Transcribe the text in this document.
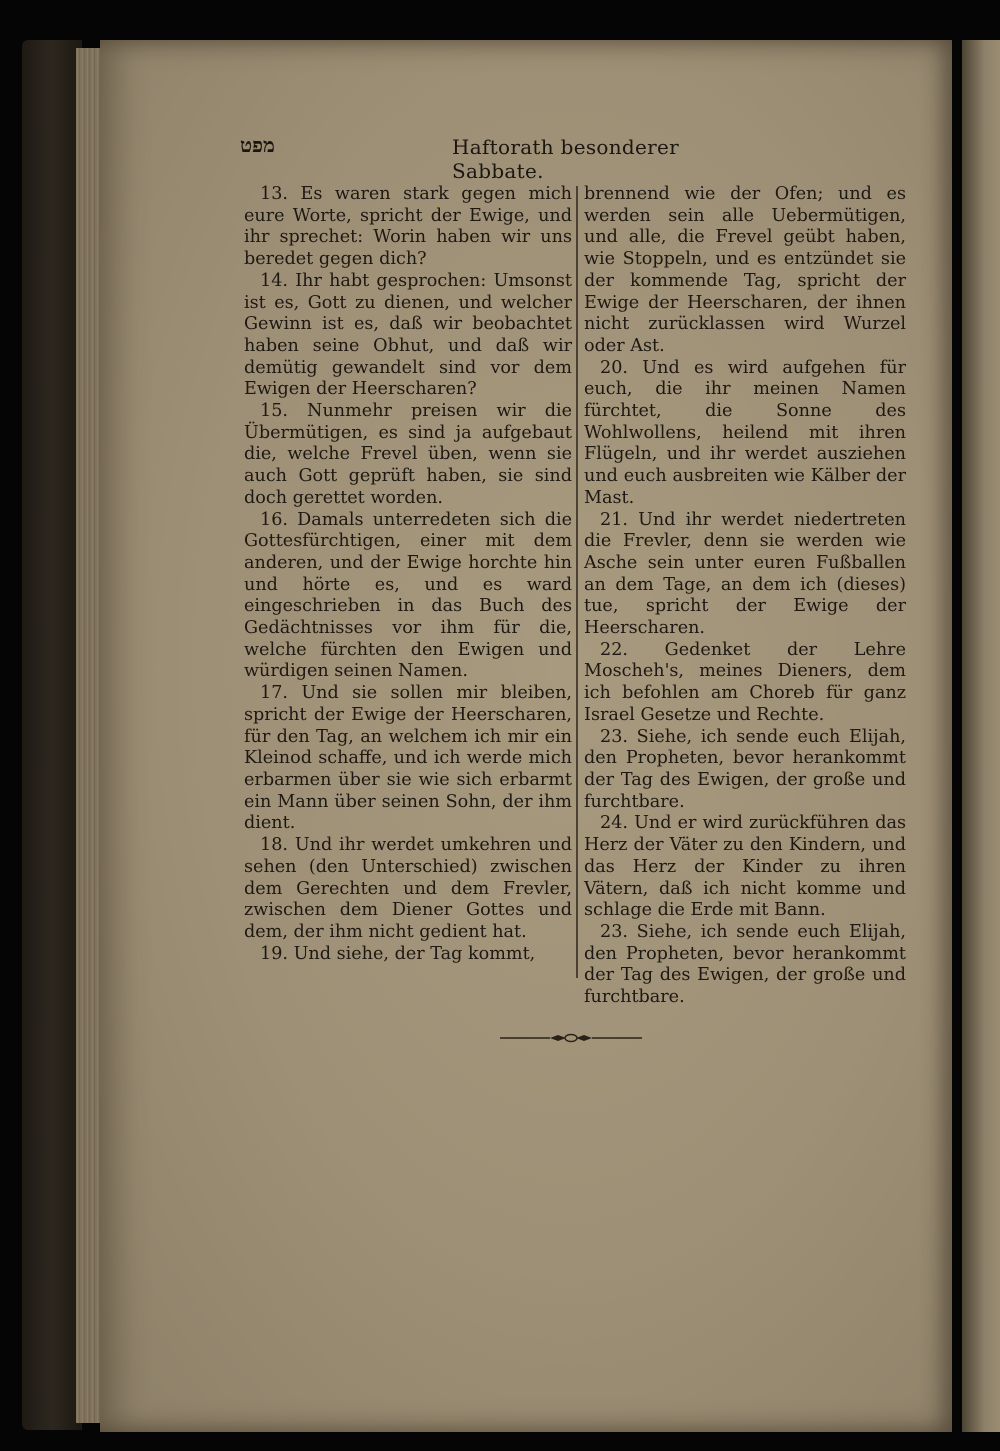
מפט	Haftorath besonderer Sabbate.

13. Es waren stark gegen mich eure Worte, spricht der Ewige, und ihr sprechet: Worin haben wir uns beredet gegen dich?

14. Ihr habt gesprochen: Umsonst ist es, Gott zu dienen, und welcher Gewinn ist es, daß wir beobachtet haben seine Obhut, und daß wir demütig gewandelt sind vor dem Ewigen der Heerscharen?

15. Nunmehr preisen wir die Übermütigen, es sind ja aufgebaut die, welche Frevel üben, wenn sie auch Gott geprüft haben, sie sind doch gerettet worden.

16. Damals unterredeten sich die Gottesfürchtigen, einer mit dem anderen, und der Ewige horchte hin und hörte es, und es ward eingeschrieben in das Buch des Gedächtnisses vor ihm für die, welche fürchten den Ewigen und würdigen seinen Namen.

17. Und sie sollen mir bleiben, spricht der Ewige der Heerscharen, für den Tag, an welchem ich mir ein Kleinod schaffe, und ich werde mich erbarmen über sie wie sich erbarmt ein Mann über seinen Sohn, der ihm dient.

18. Und ihr werdet umkehren und sehen (den Unterschied) zwischen dem Gerechten und dem Frevler, zwischen dem Diener Gottes und dem, der ihm nicht gedient hat.

19. Und siehe, der Tag kommt,

brennend wie der Ofen; und es werden sein alle Uebermütigen, und alle, die Frevel geübt haben, wie Stoppeln, und es entzündet sie der kommende Tag, spricht der Ewige der Heerscharen, der ihnen nicht zurücklassen wird Wurzel oder Ast.

20. Und es wird aufgehen für euch, die ihr meinen Namen fürchtet, die Sonne des Wohlwollens, heilend mit ihren Flügeln, und ihr werdet ausziehen und euch ausbreiten wie Kälber der Mast.

21. Und ihr werdet niedertreten die Frevler, denn sie werden wie Asche sein unter euren Fußballen an dem Tage, an dem ich (dieses) tue, spricht der Ewige der Heerscharen.

22. Gedenket der Lehre Moscheh's, meines Dieners, dem ich befohlen am Choreb für ganz Israel Gesetze und Rechte.

23. Siehe, ich sende euch Elijah, den Propheten, bevor herankommt der Tag des Ewigen, der große und furchtbare.

24. Und er wird zurückführen das Herz der Väter zu den Kindern, und das Herz der Kinder zu ihren Vätern, daß ich nicht komme und schlage die Erde mit Bann.

23. Siehe, ich sende euch Elijah, den Propheten, bevor herankommt der Tag des Ewigen, der große und furchtbare.
